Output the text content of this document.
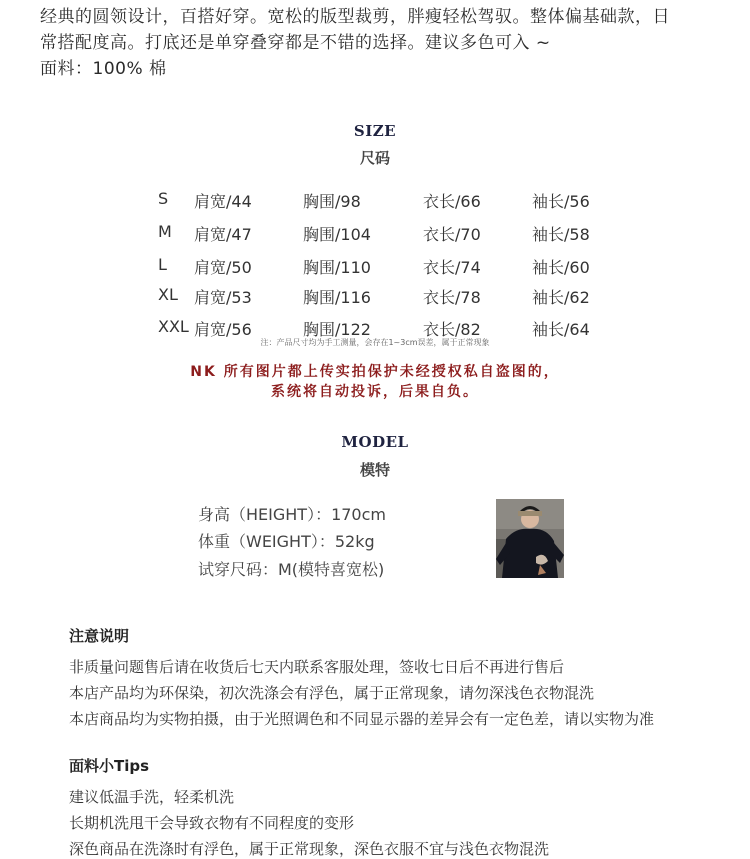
经典的圆领设计，百搭好穿。宽松的版型裁剪，胖瘦轻松驾驭。整体偏基础款，日

常搭配度高。打底还是单穿叠穿都是不错的选择。建议多色可入 ~

面料：100% 棉

SIZE
尺码
S 肩宽/44	胸围/98	衣长/66	袖长/56
M 肩宽/47	胸围/104	衣长/70	袖长/58
L 肩宽/50	胸围/110	衣长/74	袖长/60
XL 肩宽/53	胸围/116	衣长/78	袖长/62
XXL 肩宽/56	胸围/122	衣长/82	袖长/64
注：产品尺寸均为手工测量，会存在1~3cm误差，属于正常现象
NK 所有图片都上传实拍保护未经授权私自盗图的，
系统将自动投诉，后果自负。
MODEL
模特
身高（HEIGHT）：170cm
体重（WEIGHT）：52kg
试穿尺码：M(模特喜宽松)
注意说明
非质量问题售后请在收货后七天内联系客服处理，签收七日后不再进行售后
本店产品均为环保染，初次洗涤会有浮色，属于正常现象，请勿深浅色衣物混洗
本店商品均为实物拍摄，由于光照调色和不同显示器的差异会有一定色差，请以实物为准
面料小Tips
建议低温手洗，轻柔机洗
长期机洗甩干会导致衣物有不同程度的变形
深色商品在洗涤时有浮色，属于正常现象，深色衣服不宜与浅色衣物混洗
